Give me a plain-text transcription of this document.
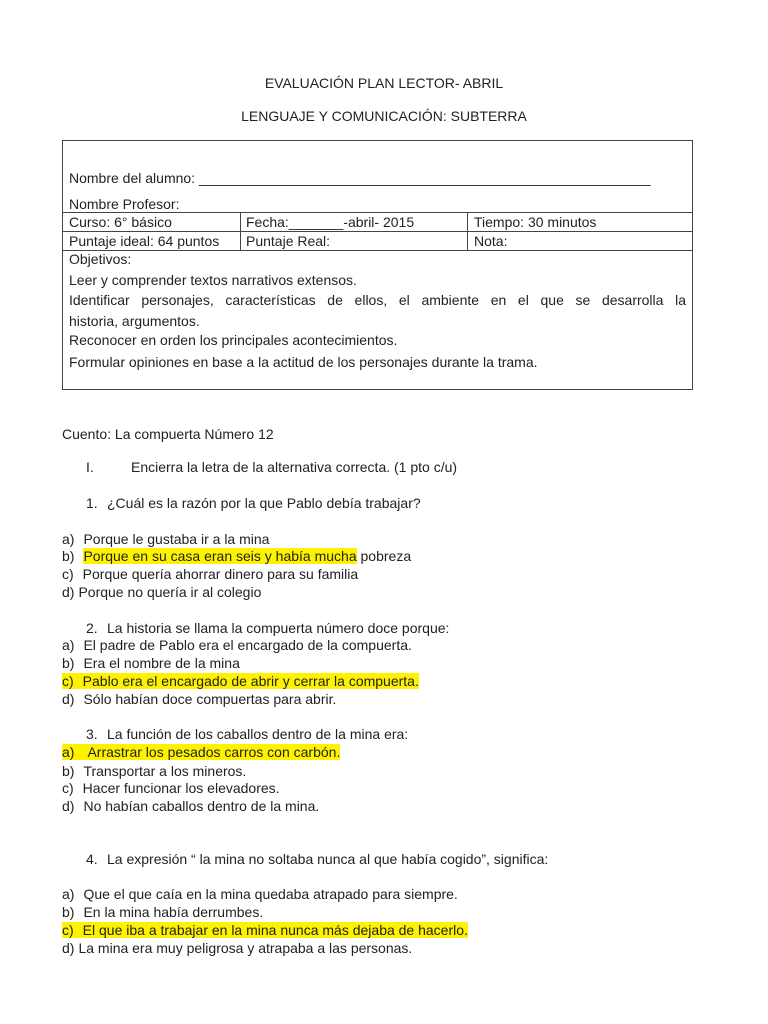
EVALUACIÓN PLAN LECTOR- ABRIL
LENGUAJE Y COMUNICACIÓN: SUBTERRA
Nombre del alumno: __________________________________________________________
Nombre Profesor:
Curso: 6° básico	Fecha:_______-abril- 2015	Tiempo: 30 minutos
Puntaje ideal: 64 puntos Puntaje Real:	Nota:
Objetivos:
Leer y comprender textos narrativos extensos.
Identificar personajes, características de ellos, el ambiente en el que se desarrolla la
historia, argumentos.
Reconocer en orden los principales acontecimientos.
Formular opiniones en base a la actitud de los personajes durante la trama.
Cuento: La compuerta Número 12
I.	Encierra la letra de la alternativa correcta. (1 pto c/u)
1. ¿Cuál es la razón por la que Pablo debía trabajar?
a) Porque le gustaba ir a la mina
b) Porque en su casa eran seis y había mucha pobreza
c) Porque quería ahorrar dinero para su familia
d) Porque no quería ir al colegio
2. La historia se llama la compuerta número doce porque:
a) El padre de Pablo era el encargado de la compuerta.
b) Era el nombre de la mina
c) Pablo era el encargado de abrir y cerrar la compuerta.
d) Sólo habían doce compuertas para abrir.
3. La función de los caballos dentro de la mina era:
a) Arrastrar los pesados carros con carbón.
b) Transportar a los mineros.
c) Hacer funcionar los elevadores.
d) No habían caballos dentro de la mina.
4. La expresión “ la mina no soltaba nunca al que había cogido”, significa:
a) Que el que caía en la mina quedaba atrapado para siempre.
b) En la mina había derrumbes.
c) El que iba a trabajar en la mina nunca más dejaba de hacerlo.
d) La mina era muy peligrosa y atrapaba a las personas.
